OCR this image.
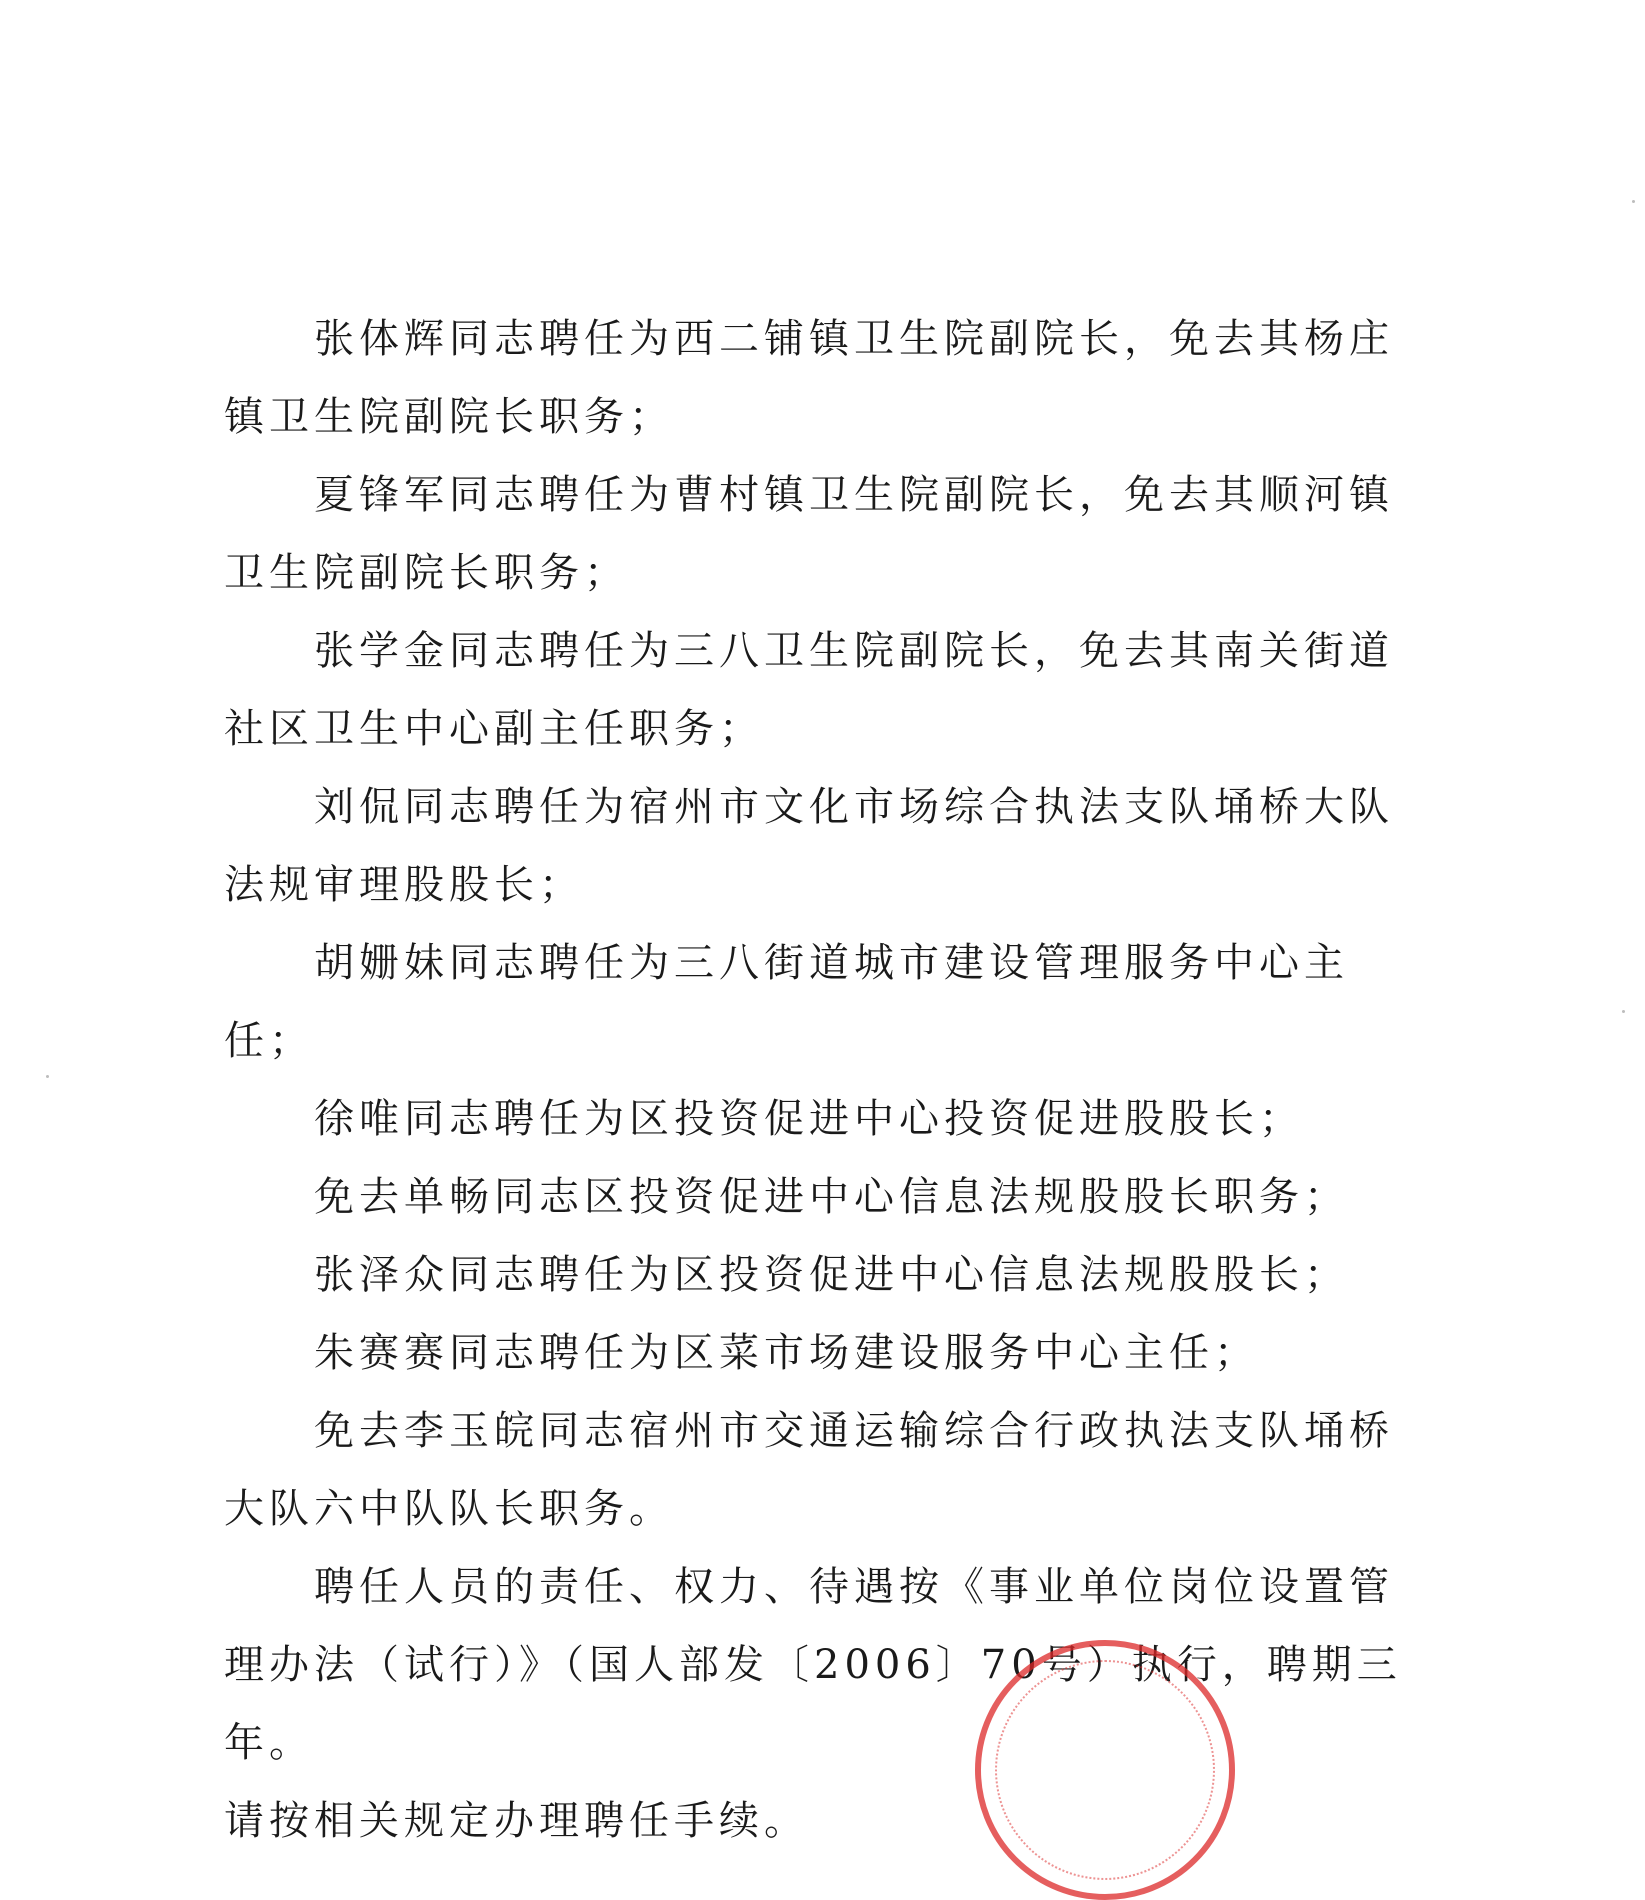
张体辉同志聘任为西二铺镇卫生院副院长，免去其杨庄镇卫生院副院长职务；

夏锋军同志聘任为曹村镇卫生院副院长，免去其顺河镇卫生院副院长职务；

张学金同志聘任为三八卫生院副院长，免去其南关街道社区卫生中心副主任职务；

刘侃同志聘任为宿州市文化市场综合执法支队埇桥大队法规审理股股长；

胡姗妹同志聘任为三八街道城市建设管理服务中心主任；

徐唯同志聘任为区投资促进中心投资促进股股长；

免去单畅同志区投资促进中心信息法规股股长职务；

张泽众同志聘任为区投资促进中心信息法规股股长；

朱赛赛同志聘任为区菜市场建设服务中心主任；

免去李玉皖同志宿州市交通运输综合行政执法支队埇桥大队六中队队长职务。

聘任人员的责任、权力、待遇按《事业单位岗位设置管理办法（试行）》（国人部发〔2006〕70号）执行，聘期三年。

请按相关规定办理聘任手续。
